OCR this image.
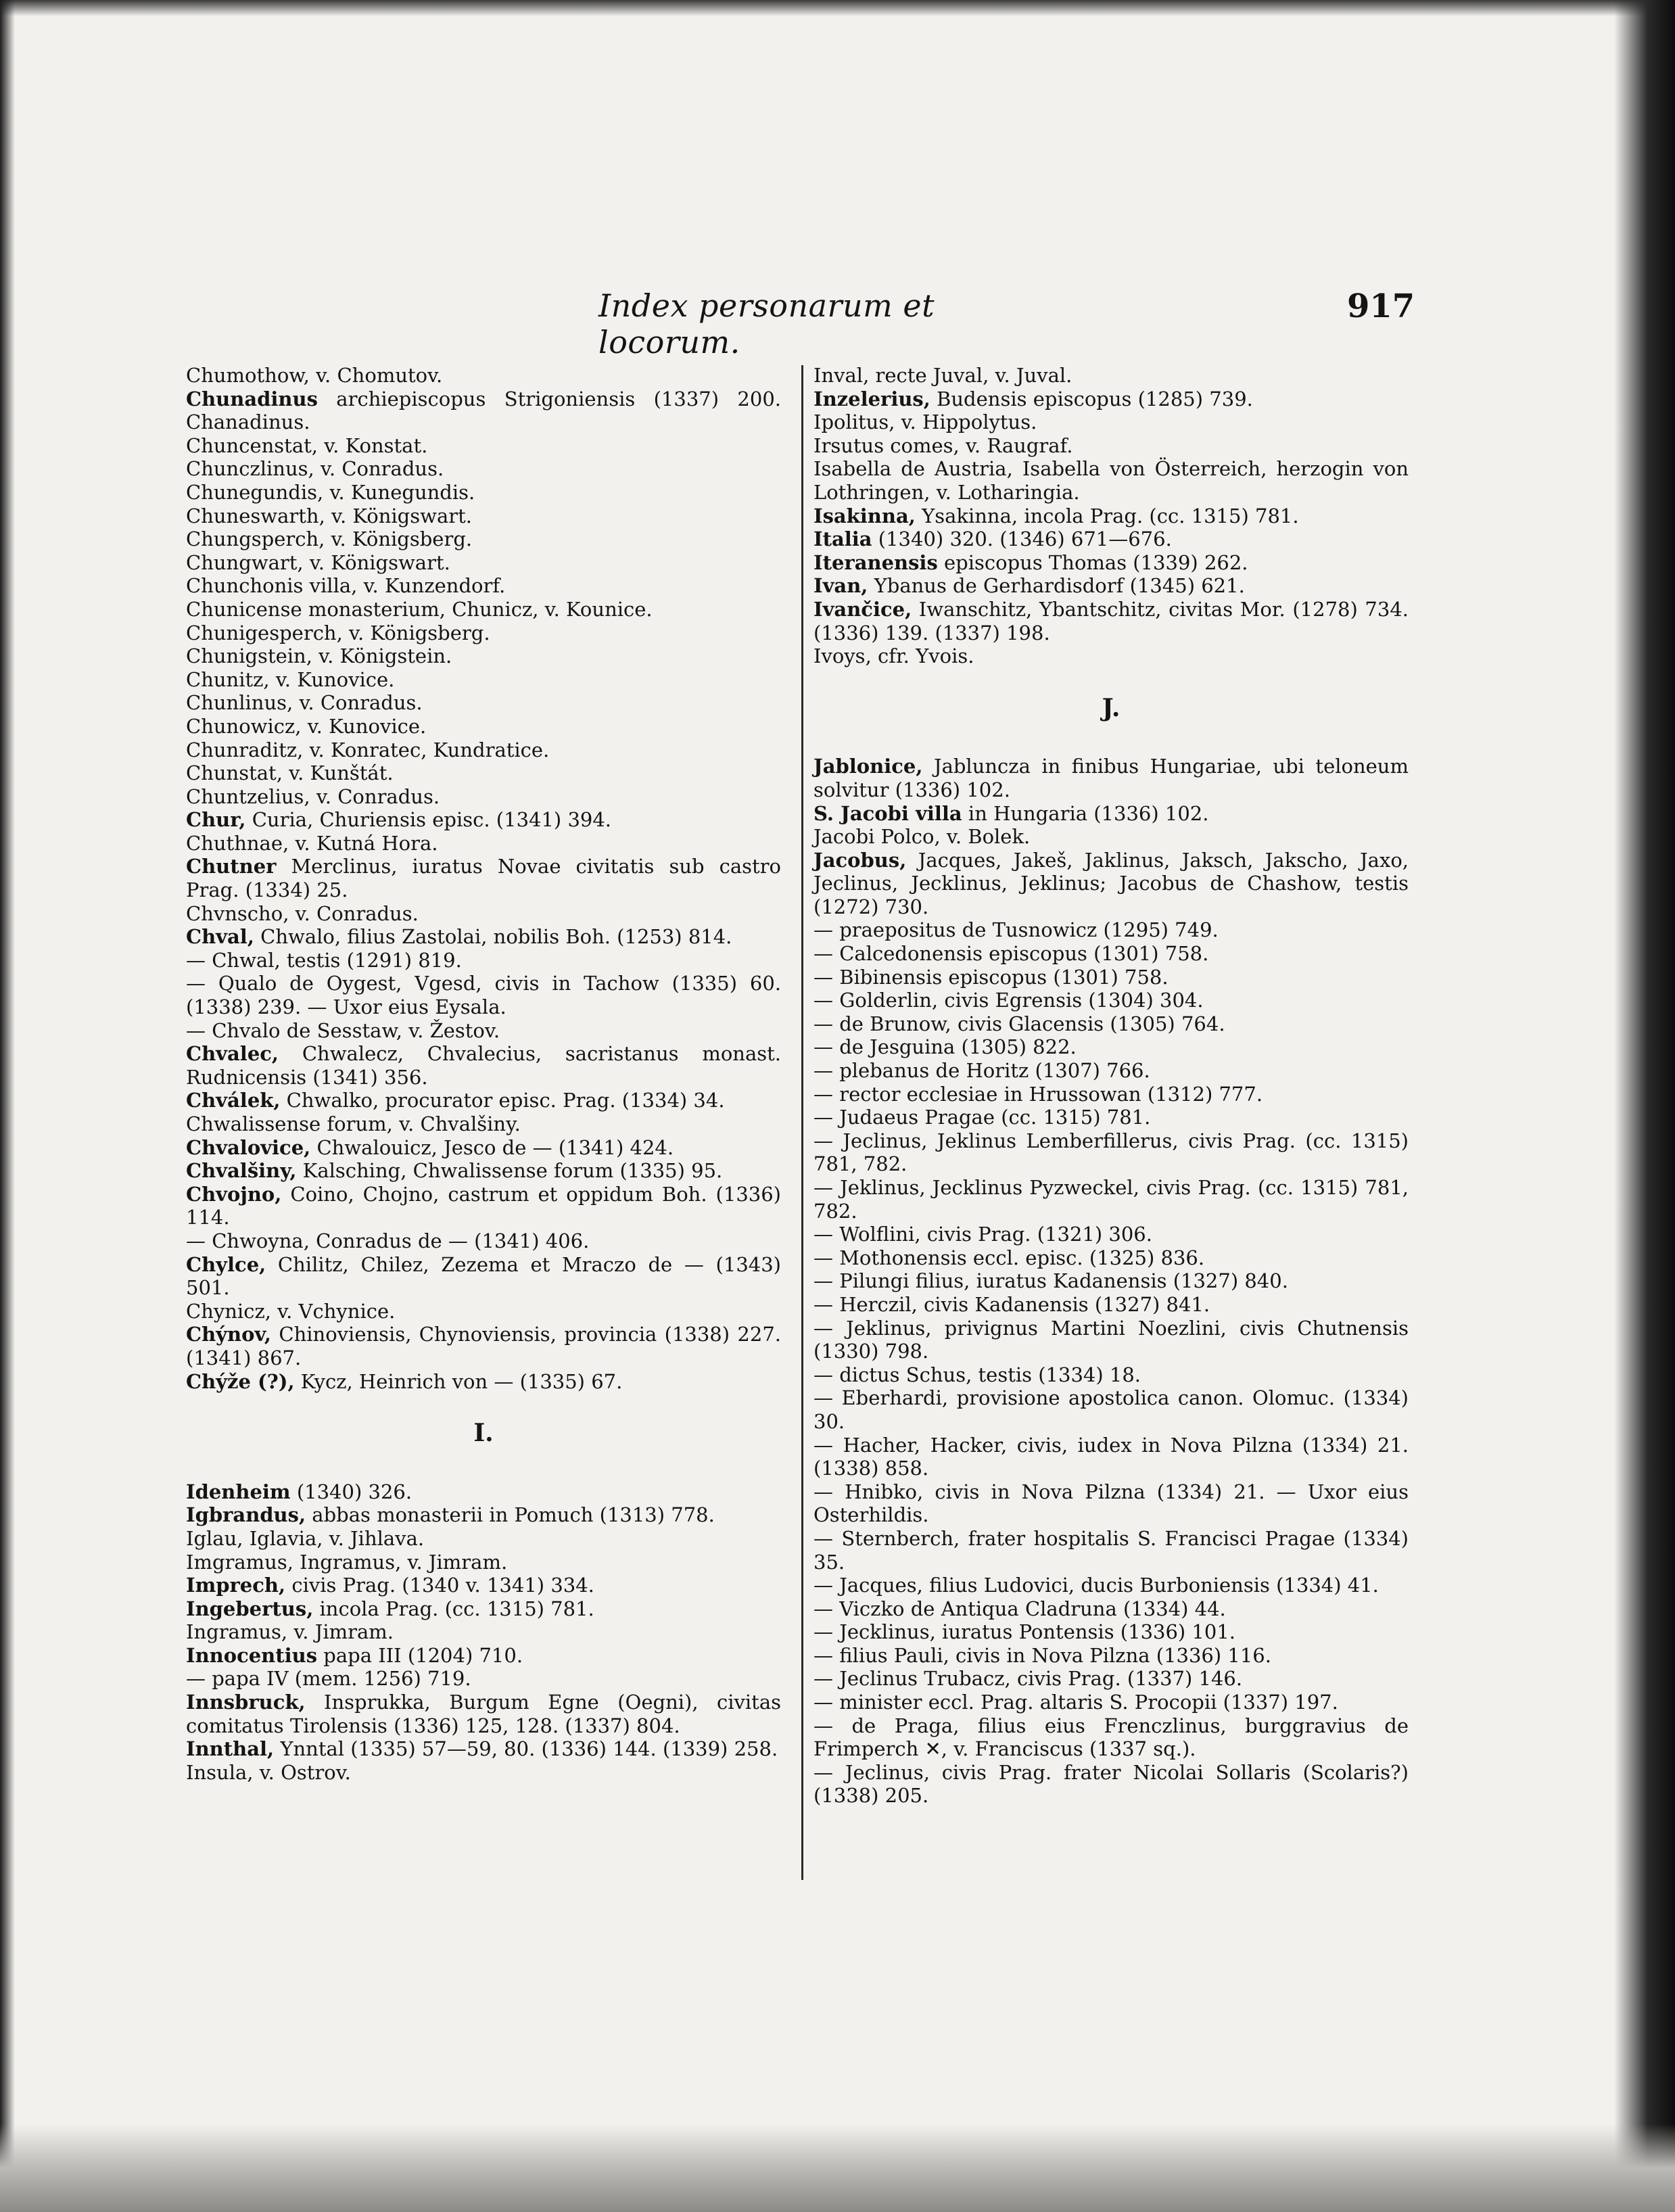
Index personarum et locorum.
917
Chumothow, v. Chomutov.
Chunadinus archiepiscopus Strigoniensis (1337) 200. Chanadinus.
Chuncenstat, v. Konstat.
Chunczlinus, v. Conradus.
Chunegundis, v. Kunegundis.
Chuneswarth, v. Königswart.
Chungsperch, v. Königsberg.
Chungwart, v. Königswart.
Chunchonis villa, v. Kunzendorf.
Chunicense monasterium, Chunicz, v. Kounice.
Chunigesperch, v. Königsberg.
Chunigstein, v. Königstein.
Chunitz, v. Kunovice.
Chunlinus, v. Conradus.
Chunowicz, v. Kunovice.
Chunraditz, v. Konratec, Kundratice.
Chunstat, v. Kunštát.
Chuntzelius, v. Conradus.
Chur, Curia, Churiensis episc. (1341) 394.
Chuthnae, v. Kutná Hora.
Chutner Merclinus, iuratus Novae civitatis sub castro Prag. (1334) 25.
Chvnscho, v. Conradus.
Chval, Chwalo, filius Zastolai, nobilis Boh. (1253) 814.
— Chwal, testis (1291) 819.
— Qualo de Oygest, Vgesd, civis in Tachow (1335) 60. (1338) 239. — Uxor eius Eysala.
— Chvalo de Sesstaw, v. Žestov.
Chvalec, Chwalecz, Chvalecius, sacristanus monast. Rudnicensis (1341) 356.
Chválek, Chwalko, procurator episc. Prag. (1334) 34.
Chwalissense forum, v. Chvalšiny.
Chvalovice, Chwalouicz, Jesco de — (1341) 424.
Chvalšiny, Kalsching, Chwalissense forum (1335) 95.
Chvojno, Coino, Chojno, castrum et oppidum Boh. (1336) 114.
— Chwoyna, Conradus de — (1341) 406.
Chylce, Chilitz, Chilez, Zezema et Mraczo de — (1343) 501.
Chynicz, v. Vchynice.
Chýnov, Chinoviensis, Chynoviensis, provincia (1338) 227. (1341) 867.
Chýže (?), Kycz, Heinrich von — (1335) 67.
I.
Idenheim (1340) 326.
Igbrandus, abbas monasterii in Pomuch (1313) 778.
Iglau, Iglavia, v. Jihlava.
Imgramus, Ingramus, v. Jimram.
Imprech, civis Prag. (1340 v. 1341) 334.
Ingebertus, incola Prag. (cc. 1315) 781.
Ingramus, v. Jimram.
Innocentius papa III (1204) 710.
— papa IV (mem. 1256) 719.
Innsbruck, Insprukka, Burgum Egne (Oegni), civitas comitatus Tirolensis (1336) 125, 128. (1337) 804.
Innthal, Ynntal (1335) 57—59, 80. (1336) 144. (1339) 258.
Insula, v. Ostrov.
Inval, recte Juval, v. Juval.
Inzelerius, Budensis episcopus (1285) 739.
Ipolitus, v. Hippolytus.
Irsutus comes, v. Raugraf.
Isabella de Austria, Isabella von Österreich, herzogin von Lothringen, v. Lotharingia.
Isakinna, Ysakinna, incola Prag. (cc. 1315) 781.
Italia (1340) 320. (1346) 671—676.
Iteranensis episcopus Thomas (1339) 262.
Ivan, Ybanus de Gerhardisdorf (1345) 621.
Ivančice, Iwanschitz, Ybantschitz, civitas Mor. (1278) 734. (1336) 139. (1337) 198.
Ivoys, cfr. Yvois.
J.
Jablonice, Jabluncza in finibus Hungariae, ubi teloneum solvitur (1336) 102.
S. Jacobi villa in Hungaria (1336) 102.
Jacobi Polco, v. Bolek.
Jacobus, Jacques, Jakeš, Jaklinus, Jaksch, Jakscho, Jaxo, Jeclinus, Jecklinus, Jeklinus; Jacobus de Chashow, testis (1272) 730.
— praepositus de Tusnowicz (1295) 749.
— Calcedonensis episcopus (1301) 758.
— Bibinensis episcopus (1301) 758.
— Golderlin, civis Egrensis (1304) 304.
— de Brunow, civis Glacensis (1305) 764.
— de Jesguina (1305) 822.
— plebanus de Horitz (1307) 766.
— rector ecclesiae in Hrussowan (1312) 777.
— Judaeus Pragae (cc. 1315) 781.
— Jeclinus, Jeklinus Lemberfillerus, civis Prag. (cc. 1315) 781, 782.
— Jeklinus, Jecklinus Pyzweckel, civis Prag. (cc. 1315) 781, 782.
— Wolflini, civis Prag. (1321) 306.
— Mothonensis eccl. episc. (1325) 836.
— Pilungi filius, iuratus Kadanensis (1327) 840.
— Herczil, civis Kadanensis (1327) 841.
— Jeklinus, privignus Martini Noezlini, civis Chutnensis (1330) 798.
— dictus Schus, testis (1334) 18.
— Eberhardi, provisione apostolica canon. Olomuc. (1334) 30.
— Hacher, Hacker, civis, iudex in Nova Pilzna (1334) 21. (1338) 858.
— Hnibko, civis in Nova Pilzna (1334) 21. — Uxor eius Osterhildis.
— Sternberch, frater hospitalis S. Francisci Pragae (1334) 35.
— Jacques, filius Ludovici, ducis Burboniensis (1334) 41.
— Viczko de Antiqua Cladruna (1334) 44.
— Jecklinus, iuratus Pontensis (1336) 101.
— filius Pauli, civis in Nova Pilzna (1336) 116.
— Jeclinus Trubacz, civis Prag. (1337) 146.
— minister eccl. Prag. altaris S. Procopii (1337) 197.
— de Praga, filius eius Frenczlinus, burggravius de Frimperch ✕, v. Franciscus (1337 sq.).
— Jeclinus, civis Prag. frater Nicolai Sollaris (Scolaris?) (1338) 205.
